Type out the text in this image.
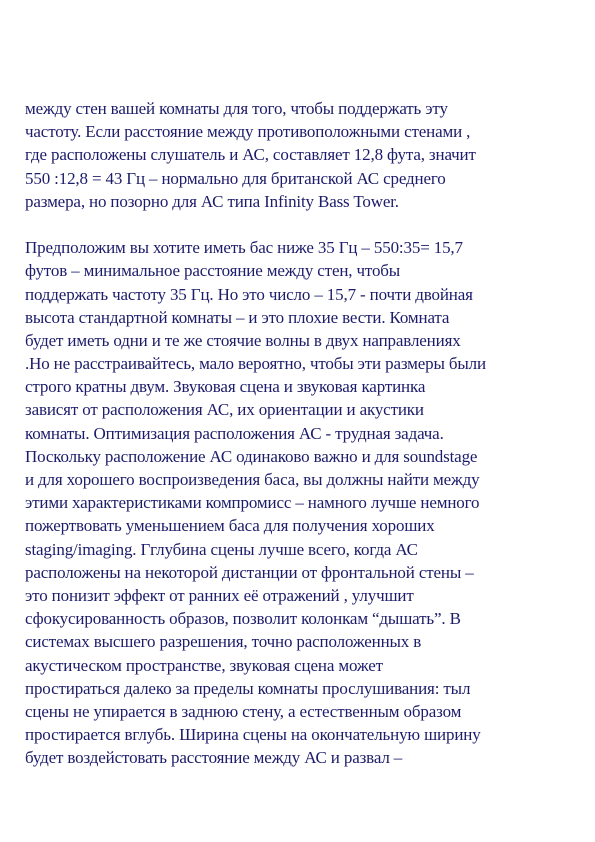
между стен вашей комнаты для того, чтобы поддержать эту
частоту. Если расстояние между противоположными стенами ,
где расположены слушатель и АС, составляет 12,8 фута, значит
550 :12,8 = 43 Гц – нормально для британской АС среднего
размера, но позорно для АС типа Infinity Bass Tower.
Предположим вы хотите иметь бас ниже 35 Гц – 550:35= 15,7
футов – минимальное расстояние между стен, чтобы
поддержать частоту 35 Гц. Но это число – 15,7 - почти двойная
высота стандартной комнаты – и это плохие вести. Комната
будет иметь одни и те же стоячие волны в двух направлениях
.Но не расстраивайтесь, мало вероятно, чтобы эти размеры были
строго кратны двум. Звуковая сцена и звуковая картинка
зависят от расположения АС, их ориентации и акустики
комнаты. Оптимизация расположения АС - трудная задача.
Поскольку расположение АС одинаково важно и для soundstage
и для хорошего воспроизведения баса, вы должны найти между
этими характеристиками компромисс – намного лучше немного
пожертвовать уменьшением баса для получения хороших
staging/imaging. Гглубина сцены лучше всего, когда АС
расположены на некоторой дистанции от фронтальной стены –
это понизит эффект от ранних её отражений , улучшит
сфокусированность образов, позволит колонкам “дышать”. В
системах высшего разрешения, точно расположенных в
акустическом пространстве, звуковая сцена может
простираться далеко за пределы комнаты прослушивания: тыл
сцены не упирается в заднюю стену, а естественным образом
простирается вглубь. Ширина сцены на окончательную ширину
будет воздейстовать расстояние между АС и развал –
